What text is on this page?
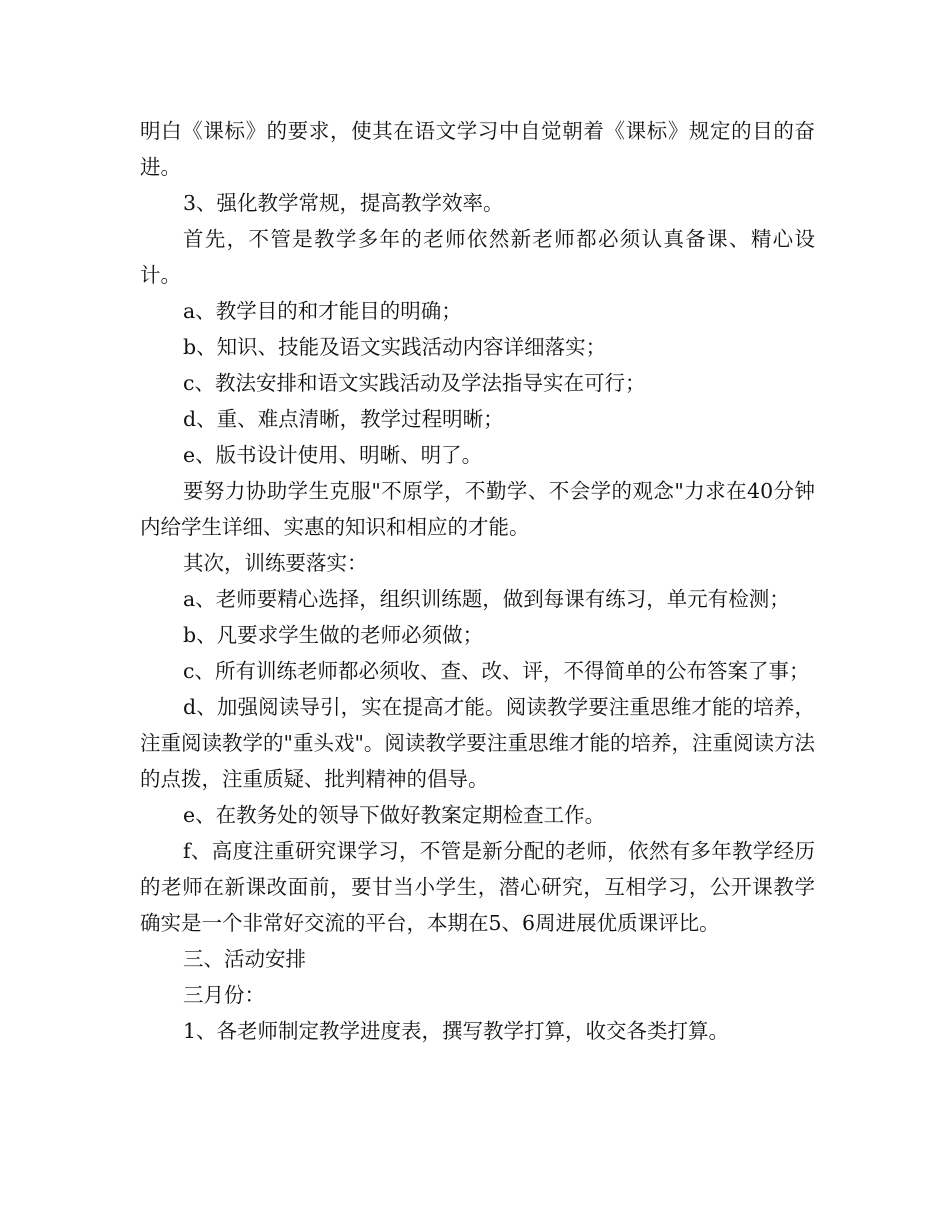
明白《课标》的要求，使其在语文学习中自觉朝着《课标》规定的目的奋进。

3、强化教学常规，提高教学效率。

首先，不管是教学多年的老师依然新老师都必须认真备课、精心设计。

a、教学目的和才能目的明确；

b、知识、技能及语文实践活动内容详细落实；

c、教法安排和语文实践活动及学法指导实在可行；

d、重、难点清晰，教学过程明晰；

e、版书设计使用、明晰、明了。

要努力协助学生克服"不原学，不勤学、不会学的观念"力求在40分钟内给学生详细、实惠的知识和相应的才能。

其次，训练要落实：

a、老师要精心选择，组织训练题，做到每课有练习，单元有检测；

b、凡要求学生做的老师必须做；

c、所有训练老师都必须收、查、改、评，不得简单的公布答案了事；

d、加强阅读导引，实在提高才能。阅读教学要注重思维才能的培养，注重阅读教学的"重头戏"。阅读教学要注重思维才能的培养，注重阅读方法的点拨，注重质疑、批判精神的倡导。

e、在教务处的领导下做好教案定期检查工作。

f、高度注重研究课学习，不管是新分配的老师，依然有多年教学经历的老师在新课改面前，要甘当小学生，潜心研究，互相学习，公开课教学确实是一个非常好交流的平台，本期在5、6周进展优质课评比。

三、活动安排

三月份：

1、各老师制定教学进度表，撰写教学打算，收交各类打算。
